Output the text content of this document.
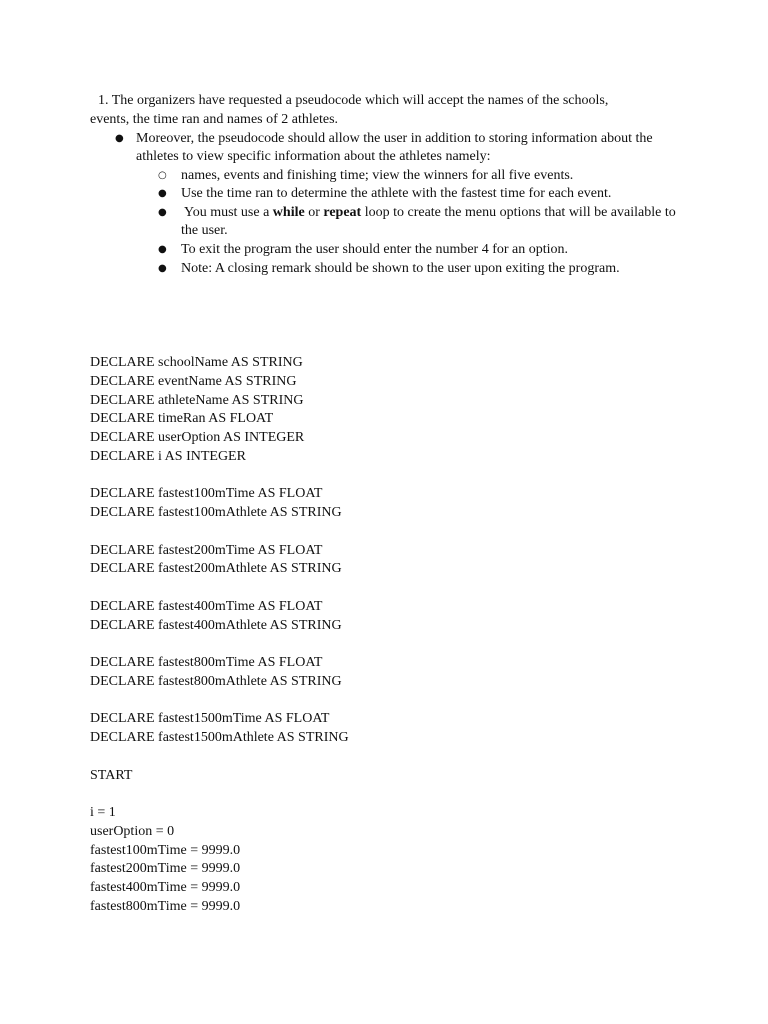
1. The organizers have requested a pseudocode which will accept the names of the schools,
events, the time ran and names of 2 athletes.
● Moreover, the pseudocode should allow the user in addition to storing information about the athletes to view specific information about the athletes namely:
○ names, events and finishing time; view the winners for all five events.
● Use the time ran to determine the athlete with the fastest time for each event.
● You must use a while or repeat loop to create the menu options that will be available to the user.
● To exit the program the user should enter the number 4 for an option.
● Note: A closing remark should be shown to the user upon exiting the program.
DECLARE schoolName AS STRING
DECLARE eventName AS STRING
DECLARE athleteName AS STRING
DECLARE timeRan AS FLOAT
DECLARE userOption AS INTEGER
DECLARE i AS INTEGER
DECLARE fastest100mTime AS FLOAT
DECLARE fastest100mAthlete AS STRING
DECLARE fastest200mTime AS FLOAT
DECLARE fastest200mAthlete AS STRING
DECLARE fastest400mTime AS FLOAT
DECLARE fastest400mAthlete AS STRING
DECLARE fastest800mTime AS FLOAT
DECLARE fastest800mAthlete AS STRING
DECLARE fastest1500mTime AS FLOAT
DECLARE fastest1500mAthlete AS STRING
START
i = 1
userOption = 0
fastest100mTime = 9999.0
fastest200mTime = 9999.0
fastest400mTime = 9999.0
fastest800mTime = 9999.0
